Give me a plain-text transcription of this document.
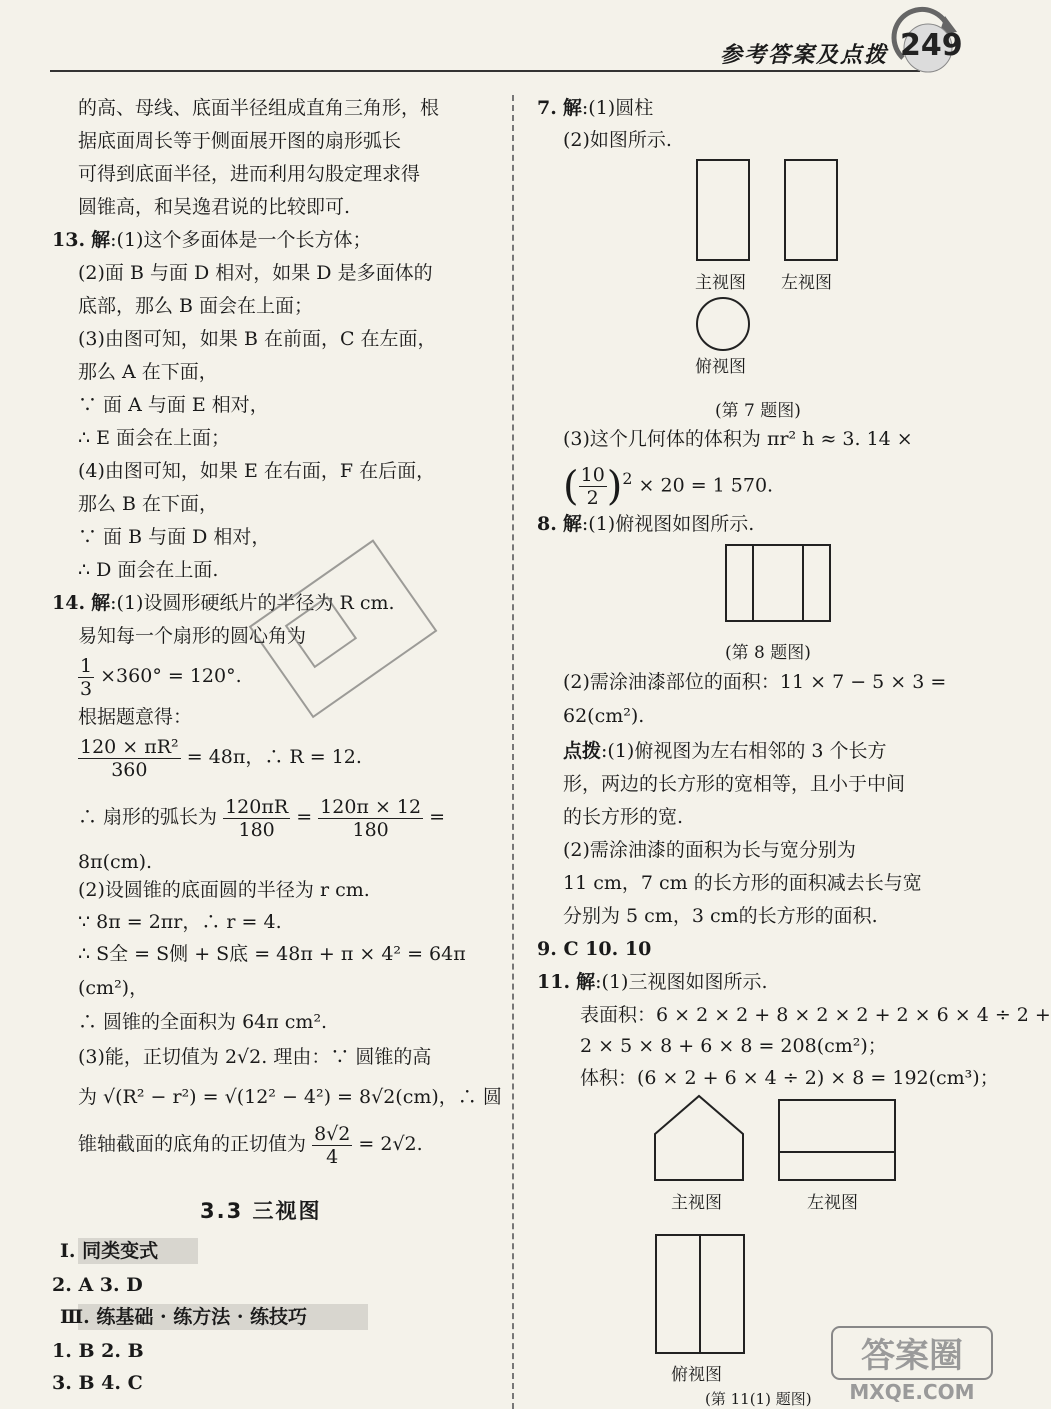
参考答案及点拨 249
的高、母线、底面半径组成直角三角形，根
据底面周长等于侧面展开图的扇形弧长
可得到底面半径，进而利用勾股定理求得
圆锥高，和吴逸君说的比较即可.
13. 解:(1)这个多面体是一个长方体；
(2)面 B 与面 D 相对，如果 D 是多面体的
底部，那么 B 面会在上面；
(3)由图可知，如果 B 在前面，C 在左面，
那么 A 在下面，
∵ 面 A 与面 E 相对，
∴ E 面会在上面；
(4)由图可知，如果 E 在右面，F 在后面，
那么 B 在下面，
∵ 面 B 与面 D 相对，
∴ D 面会在上面.
14. 解:(1)设圆形硬纸片的半径为 R cm.
易知每一个扇形的圆心角为
$\frac{1}{3} \times 360^\circ = 120^\circ$.
根据题意得：
$\frac{\text{120 × πR²}}{360} = 48\pi$，∴ R = 12.
∴ 扇形的弧长为 $\frac{120\pi R}{180} = \frac{120\pi \times 12}{180}$ =
8π(cm).
(2)设圆锥的底面圆的半径为 r cm.
∵ 8π = 2πr，∴ r = 4.
∴ S全 = S侧 + S底 = 48π + π × 4² = 64π
(cm²)，
∴ 圆锥的全面积为 64π cm².
(3)能，正切值为 2√2. 理由：∵ 圆锥的高
为 √(R² − r²) = √(12² − 4²) = 8√2(cm)，∴ 圆
锥轴截面的底角的正切值为 $\frac{8√2}{4} = 2√2$.
3.3 三视图
Ⅰ. 同类变式
2. A 3. D
Ⅲ. 练基础 · 练方法 · 练技巧
1. B 2. B
3. B 4. C
7. 解:(1)圆柱
(2)如图所示.
主视图 左视图
俯视图
(第 7 题图)
(3)这个几何体的体积为 πr² h ≈ 3. 14 ×
( $\frac{10}{2} )^2 \times 20 = 1$ 570.
8. 解:(1)俯视图如图所示.
(第 8 题图)
(2)需涂油漆部位的面积：11 × 7 − 5 × 3 =
62(cm²).
点拨:(1)俯视图为左右相邻的 3 个长方
形，两边的长方形的宽相等，且小于中间
的长方形的宽.
(2)需涂油漆的面积为长与宽分别为
11 cm，7 cm 的长方形的面积减去长与宽
分别为 5 cm，3 cm的长方形的面积.
9. C 10. 10
11. 解:(1)三视图如图所示.
表面积：6 × 2 × 2 + 8 × 2 × 2 + 2 × 6 × 4 ÷ 2 +
2 × 5 × 8 + 6 × 8 = 208(cm²)；
体积：(6 × 2 + 6 × 4 ÷ 2) × 8 = 192(cm³)；
主视图	左视图
俯视图
(第 11(1) 题图)
答案圈
MXQE.COM
